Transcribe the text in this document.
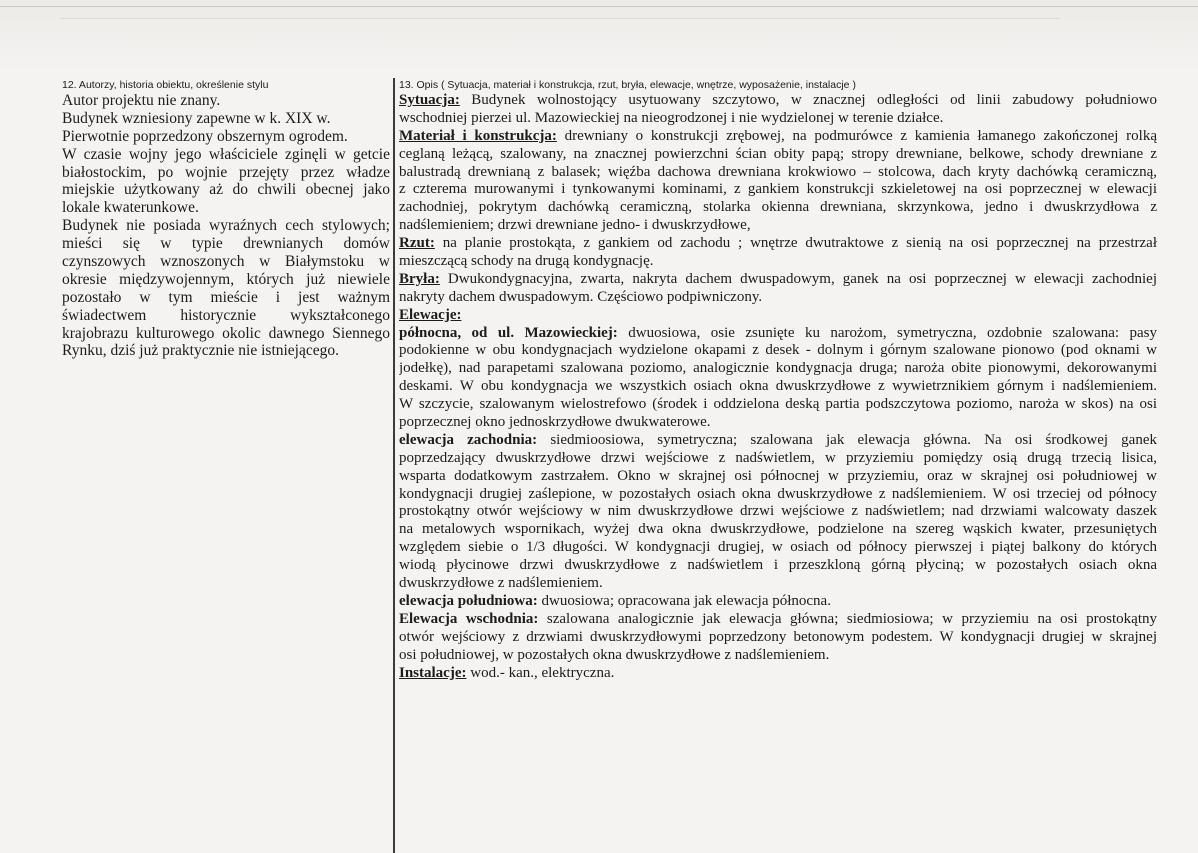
12. Autorzy, historia obiektu, określenie stylu

Autor projektu nie znany.
Budynek wzniesiony zapewne w k. XIX w.
Pierwotnie poprzedzony obszernym ogrodem.
W czasie wojny jego właściciele zginęli w getcie
białostockim, po wojnie przejęty przez władze
miejskie użytkowany aż do chwili obecnej jako
lokale kwaterunkowe.
Budynek nie posiada wyraźnych cech stylowych;
mieści się w typie drewnianych domów
czynszowych wznoszonych w Białymstoku w
okresie międzywojennym, których już niewiele
pozostało w tym mieście i jest ważnym
świadectwem historycznie wykształconego
krajobrazu kulturowego okolic dawnego Siennego
Rynku, dziś już praktycznie nie istniejącego.

13. Opis ( Sytuacja, materiał i konstrukcja, rzut, bryła, elewacje, wnętrze, wyposażenie, instalacje )

Sytuacja: Budynek wolnostojący usytuowany szczytowo, w znacznej odległości od linii zabudowy południowo
wschodniej pierzei ul. Mazowieckiej na nieogrodzonej i nie wydzielonej w terenie działce.
Materiał i konstrukcja: drewniany o konstrukcji zrębowej, na podmurówce z kamienia łamanego zakończonej rolką
ceglaną leżącą, szalowany, na znacznej powierzchni ścian obity papą; stropy drewniane, belkowe, schody drewniane z
balustradą drewnianą z balasek; więźba dachowa drewniana krokwiowo – stolcowa, dach kryty dachówką ceramiczną,
z czterema murowanymi i tynkowanymi kominami, z gankiem konstrukcji szkieletowej na osi poprzecznej w elewacji
zachodniej, pokrytym dachówką ceramiczną, stolarka okienna drewniana, skrzynkowa, jedno i dwuskrzydłowa z
nadślemieniem; drzwi drewniane jedno- i dwuskrzydłowe,
Rzut: na planie prostokąta, z gankiem od zachodu ; wnętrze dwutraktowe z sienią na osi poprzecznej na przestrzał
mieszczącą schody na drugą kondygnację.
Bryła: Dwukondygnacyjna, zwarta, nakryta dachem dwuspadowym, ganek na osi poprzecznej w elewacji zachodniej
nakryty dachem dwuspadowym. Częściowo podpiwniczony.
Elewacje:
północna, od ul. Mazowieckiej: dwuosiowa, osie zsunięte ku narożom, symetryczna, ozdobnie szalowana: pasy
podokienne w obu kondygnacjach wydzielone okapami z desek - dolnym i górnym szalowane pionowo (pod oknami w
jodełkę), nad parapetami szalowana poziomo, analogicznie kondygnacja druga; naroża obite pionowymi, dekorowanymi
deskami. W obu kondygnacja we wszystkich osiach okna dwuskrzydłowe z wywietrznikiem górnym i nadślemieniem.
W szczycie, szalowanym wielostrefowo (środek i oddzielona deską partia podszczytowa poziomo, naroża w skos) na osi
poprzecznej okno jednoskrzydłowe dwukwaterowe.
elewacja zachodnia: siedmioosiowa, symetryczna; szalowana jak elewacja główna. Na osi środkowej ganek
poprzedzający dwuskrzydłowe drzwi wejściowe z nadświetlem, w przyziemiu pomiędzy osią drugą trzecią lisica,
wsparta dodatkowym zastrzałem. Okno w skrajnej osi północnej w przyziemiu, oraz w skrajnej osi południowej w
kondygnacji drugiej zaślepione, w pozostałych osiach okna dwuskrzydłowe z nadślemieniem. W osi trzeciej od północy
prostokątny otwór wejściowy w nim dwuskrzydłowe drzwi wejściowe z nadświetlem; nad drzwiami walcowaty daszek
na metalowych wspornikach, wyżej dwa okna dwuskrzydłowe, podzielone na szereg wąskich kwater, przesuniętych
względem siebie o 1/3 długości. W kondygnacji drugiej, w osiach od północy pierwszej i piątej balkony do których
wiodą płycinowe drzwi dwuskrzydłowe z nadświetlem i przeszkloną górną płyciną; w pozostałych osiach okna
dwuskrzydłowe z nadślemieniem.
elewacja południowa: dwuosiowa; opracowana jak elewacja północna.
Elewacja wschodnia: szalowana analogicznie jak elewacja główna; siedmiosiowa; w przyziemiu na osi prostokątny
otwór wejściowy z drzwiami dwuskrzydłowymi poprzedzony betonowym podestem. W kondygnacji drugiej w skrajnej
osi południowej, w pozostałych okna dwuskrzydłowe z nadślemieniem.
Instalacje: wod.- kan., elektryczna.
